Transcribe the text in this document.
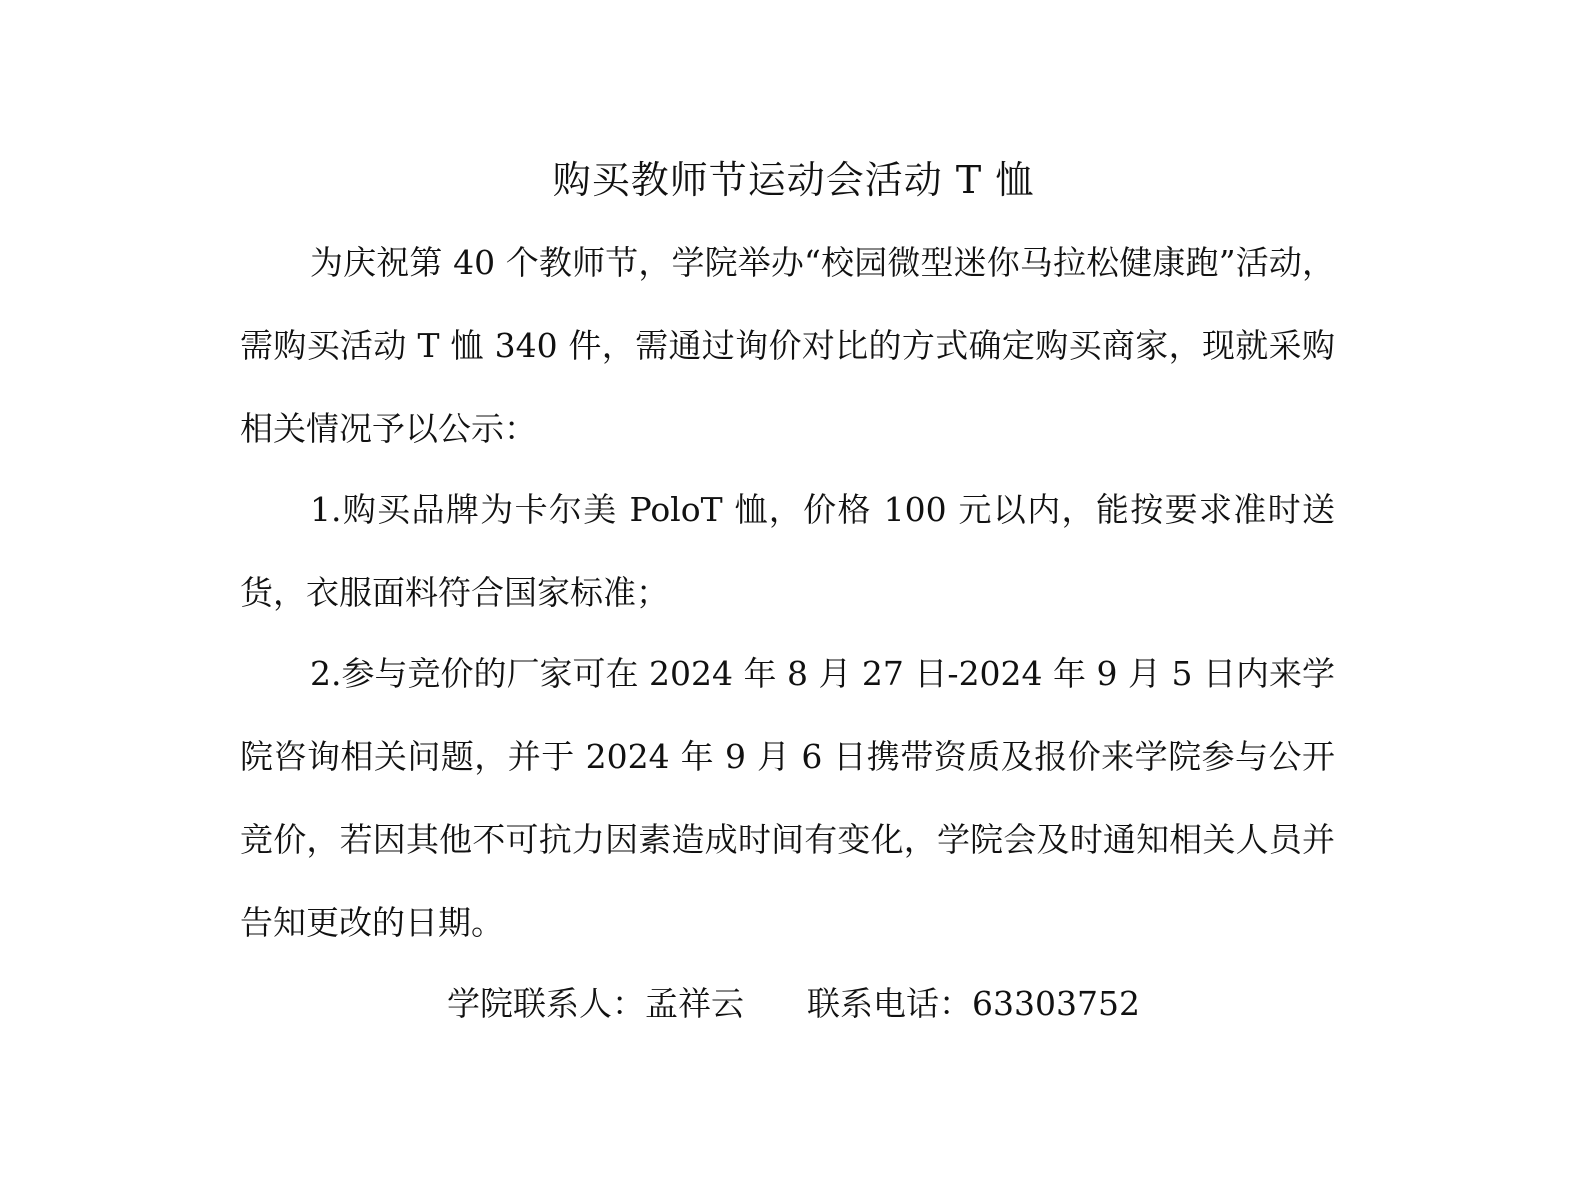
购买教师节运动会活动 T 恤
为庆祝第 40 个教师节，学院举办“校园微型迷你马拉松健康跑”活动，需购买活动 T 恤 340 件，需通过询价对比的方式确定购买商家，现就采购相关情况予以公示：
1.购买品牌为卡尔美 PoloT 恤，价格 100 元以内，能按要求准时送货，衣服面料符合国家标准；
2.参与竞价的厂家可在 2024 年 8 月 27 日-2024 年 9 月 5 日内来学院咨询相关问题，并于 2024 年 9 月 6 日携带资质及报价来学院参与公开竞价，若因其他不可抗力因素造成时间有变化，学院会及时通知相关人员并告知更改的日期。
学院联系人：孟祥云 联系电话：63303752
